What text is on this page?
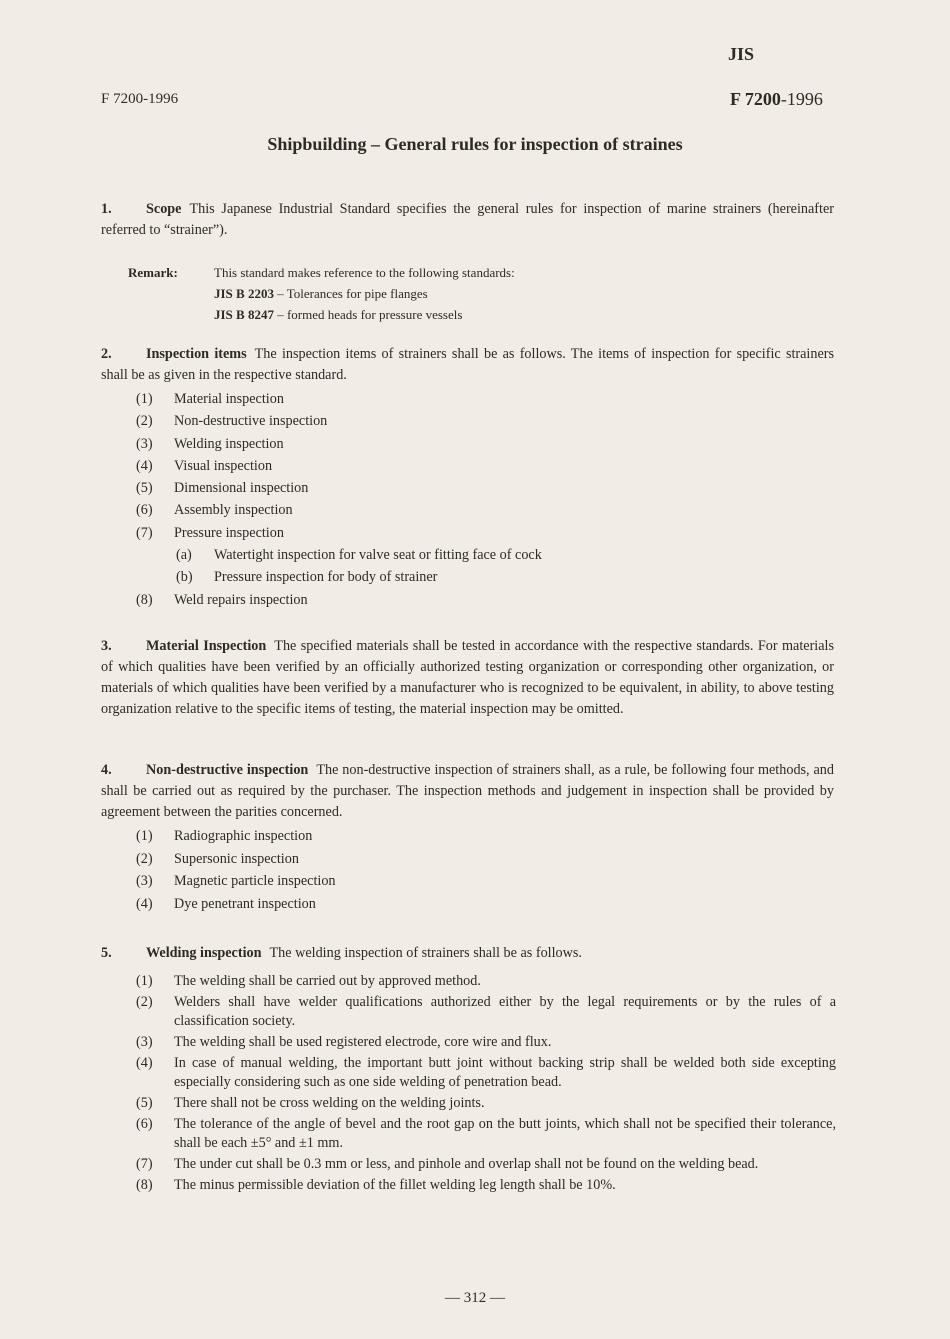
JIS
F 7200-1996	F 7200-1996
Shipbuilding – General rules for inspection of straines
1. Scope This Japanese Industrial Standard specifies the general rules for inspection of marine strainers (hereinafter referred to “strainer”).
Remark:	This standard makes reference to the following standards:
JIS B 2203 – Tolerances for pipe flanges
JIS B 8247 – formed heads for pressure vessels
2. Inspection items The inspection items of strainers shall be as follows. The items of inspection for specific strainers shall be as given in the respective standard.
(1) Material inspection
(2) Non-destructive inspection
(3) Welding inspection
(4) Visual inspection
(5) Dimensional inspection
(6) Assembly inspection
(7) Pressure inspection
(a) Watertight inspection for valve seat or fitting face of cock
(b) Pressure inspection for body of strainer
(8) Weld repairs inspection
3. Material Inspection The specified materials shall be tested in accordance with the respective standards. For materials of which qualities have been verified by an officially authorized testing organization or corresponding other organization, or materials of which qualities have been verified by a manufacturer who is recognized to be equivalent, in ability, to above testing organization relative to the specific items of testing, the material inspection may be omitted.
4. Non-destructive inspection The non-destructive inspection of strainers shall, as a rule, be following four methods, and shall be carried out as required by the purchaser. The inspection methods and judgement in inspection shall be provided by agreement between the parities concerned.
(1) Radiographic inspection
(2) Supersonic inspection
(3) Magnetic particle inspection
(4) Dye penetrant inspection
5. Welding inspection The welding inspection of strainers shall be as follows.
(1) The welding shall be carried out by approved method.
(2) Welders shall have welder qualifications authorized either by the legal requirements or by the rules of a classification society.
(3) The welding shall be used registered electrode, core wire and flux.
(4) In case of manual welding, the important butt joint without backing strip shall be welded both side excepting especially considering such as one side welding of penetration bead.
(5) There shall not be cross welding on the welding joints.
(6) The tolerance of the angle of bevel and the root gap on the butt joints, which shall not be specified their tolerance, shall be each ±5° and ±1 mm.
(7) The under cut shall be 0.3 mm or less, and pinhole and overlap shall not be found on the welding bead.
(8) The minus permissible deviation of the fillet welding leg length shall be 10%.
— 312 —
